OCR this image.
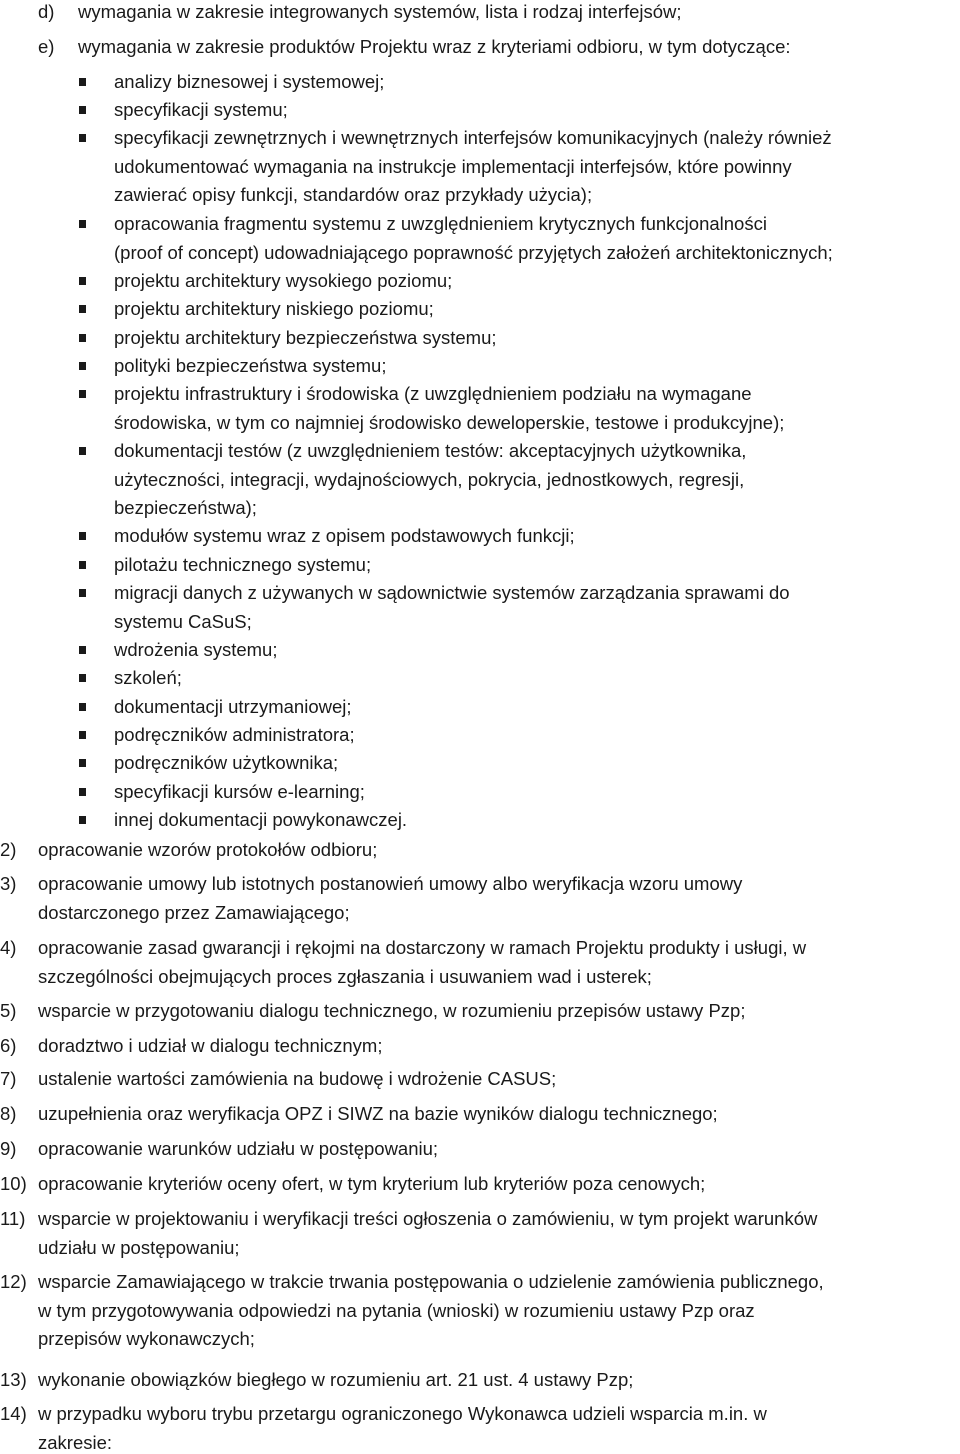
d) wymagania w zakresie integrowanych systemów, lista i rodzaj interfejsów;
e) wymagania w zakresie produktów Projektu wraz z kryteriami odbioru, w tym dotyczące:
analizy biznesowej i systemowej;
specyfikacji systemu;
specyfikacji zewnętrznych i wewnętrznych interfejsów komunikacyjnych (należy również
udokumentować wymagania na instrukcje implementacji interfejsów, które powinny
zawierać opisy funkcji, standardów oraz przykłady użycia);
opracowania fragmentu systemu z uwzględnieniem krytycznych funkcjonalności
(proof of concept) udowadniającego poprawność przyjętych założeń architektonicznych;
projektu architektury wysokiego poziomu;
projektu architektury niskiego poziomu;
projektu architektury bezpieczeństwa systemu;
polityki bezpieczeństwa systemu;
projektu infrastruktury i środowiska (z uwzględnieniem podziału na wymagane
środowiska, w tym co najmniej środowisko deweloperskie, testowe i produkcyjne);
dokumentacji testów (z uwzględnieniem testów: akceptacyjnych użytkownika,
użyteczności, integracji, wydajnościowych, pokrycia, jednostkowych, regresji,
bezpieczeństwa);
modułów systemu wraz z opisem podstawowych funkcji;
pilotażu technicznego systemu;
migracji danych z używanych w sądownictwie systemów zarządzania sprawami do
systemu CaSuS;
wdrożenia systemu;
szkoleń;
dokumentacji utrzymaniowej;
podręczników administratora;
podręczników użytkownika;
specyfikacji kursów e-learning;
innej dokumentacji powykonawczej.
2) opracowanie wzorów protokołów odbioru;
3) opracowanie umowy lub istotnych postanowień umowy albo weryfikacja wzoru umowy
dostarczonego przez Zamawiającego;
4) opracowanie zasad gwarancji i rękojmi na dostarczony w ramach Projektu produkty i usługi, w
szczególności obejmujących proces zgłaszania i usuwaniem wad i usterek;
5) wsparcie w przygotowaniu dialogu technicznego, w rozumieniu przepisów ustawy Pzp;
6) doradztwo i udział w dialogu technicznym;
7) ustalenie wartości zamówienia na budowę i wdrożenie CASUS;
8) uzupełnienia oraz weryfikacja OPZ i SIWZ na bazie wyników dialogu technicznego;
9) opracowanie warunków udziału w postępowaniu;
10) opracowanie kryteriów oceny ofert, w tym kryterium lub kryteriów poza cenowych;
11) wsparcie w projektowaniu i weryfikacji treści ogłoszenia o zamówieniu, w tym projekt warunków
udziału w postępowaniu;
12) wsparcie Zamawiającego w trakcie trwania postępowania o udzielenie zamówienia publicznego,
w tym przygotowywania odpowiedzi na pytania (wnioski) w rozumieniu ustawy Pzp oraz
przepisów wykonawczych;
13) wykonanie obowiązków biegłego w rozumieniu art. 21 ust. 4 ustawy Pzp;
14) w przypadku wyboru trybu przetargu ograniczonego Wykonawca udzieli wsparcia m.in. w
zakresie:
